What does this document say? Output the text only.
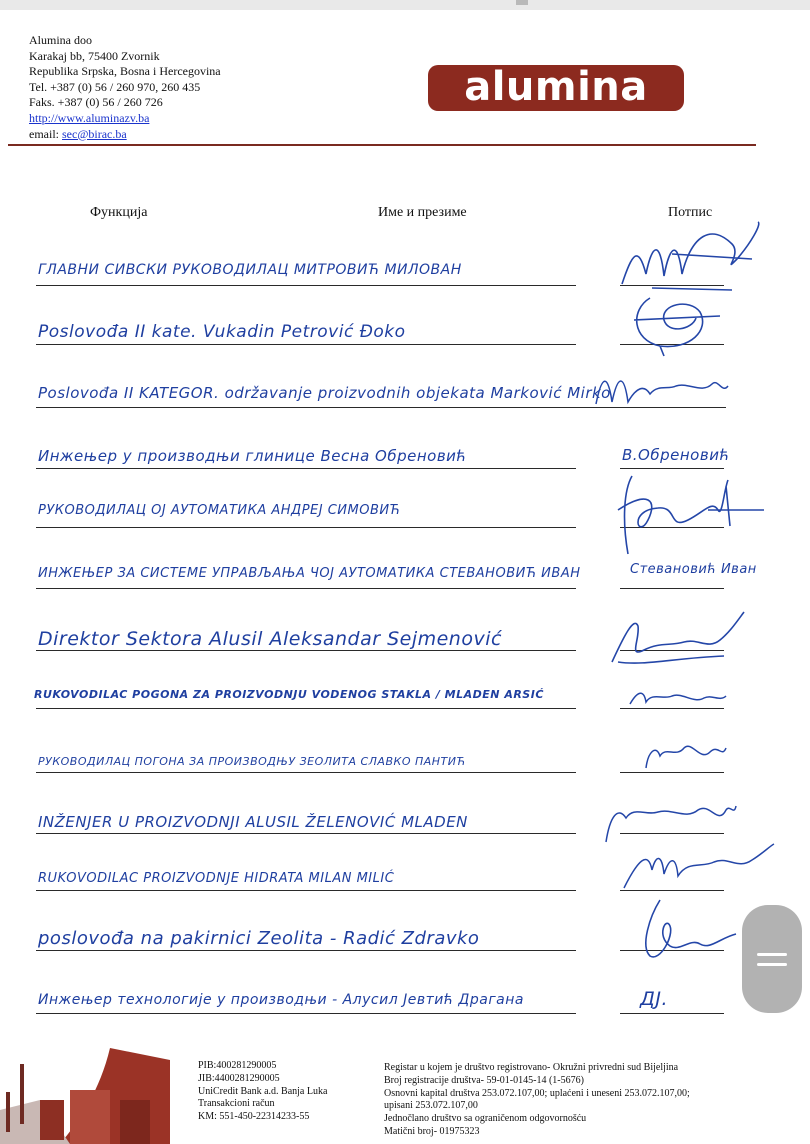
Alumina doo
Karakaj bb, 75400 Zvornik
Republika Srpska, Bosna i Hercegovina
Tel. +387 (0) 56 / 260 970, 260 435
Faks. +387 (0) 56 / 260 726
http://www.aluminazv.ba
email: sec@birac.ba
alumina
Функција	Име и презиме	Потпис
ГЛАВНИ СИВСКИ РУКОВОДИЛАЦ МИТРОВИЋ МИЛОВАН
Poslovođa II kate. Vukadin Petrović Đoko
Poslovođa II KATEGOR. održavanje proizvodnih objekata Marković Mirko
Инжењер у производњи глинице Весна Обреновић	В.Обреновић
РУКОВОДИЛАЦ ОЈ АУТОМАТИКА АНДРЕЈ СИМОВИЋ
ИНЖЕЊЕР ЗА СИСТЕМЕ УПРАВЉАЊА ЧОЈ АУТОМАТИКА СТЕВАНОВИЋ ИВАН	Стевановић Иван
Direktor Sektora Alusil Aleksandar Sejmenović
RUKOVODILAC POGONA ZA PROIZVODNJU VODENOG STAKLA / MLADEN ARSIĆ
РУКОВОДИЛАЦ ПОГОНА ЗА ПРОИЗВОДЊУ ЗЕОЛИТА СЛАВКО ПАНТИЋ
INŽENJER U PROIZVODNJI ALUSIL ŽELENOVIĆ MLADEN
RUKOVODILAC PROIZVODNJE HIDRATA MILAN MILIĆ
poslovođa na pakirnici Zeolita - Radić Zdravko
Инжењер технологије у производњи - Алусил Јевтић Драгана	ДЈ.
PIB:400281290005
JIB:4400281290005
UniCredit Bank a.d. Banja Luka
Transakcioni račun
KM: 551-450-22314233-55
Registar u kojem je društvo registrovano- Okružni privredni sud Bijeljina
Broj registracije društva- 59-01-0145-14 (1-5676)
Osnovni kapital društva 253.072.107,00; uplaćeni i uneseni 253.072.107,00;
upisani 253.072.107,00
Jednočlano društvo sa ograničenom odgovornošću
Matični broj- 01975323
